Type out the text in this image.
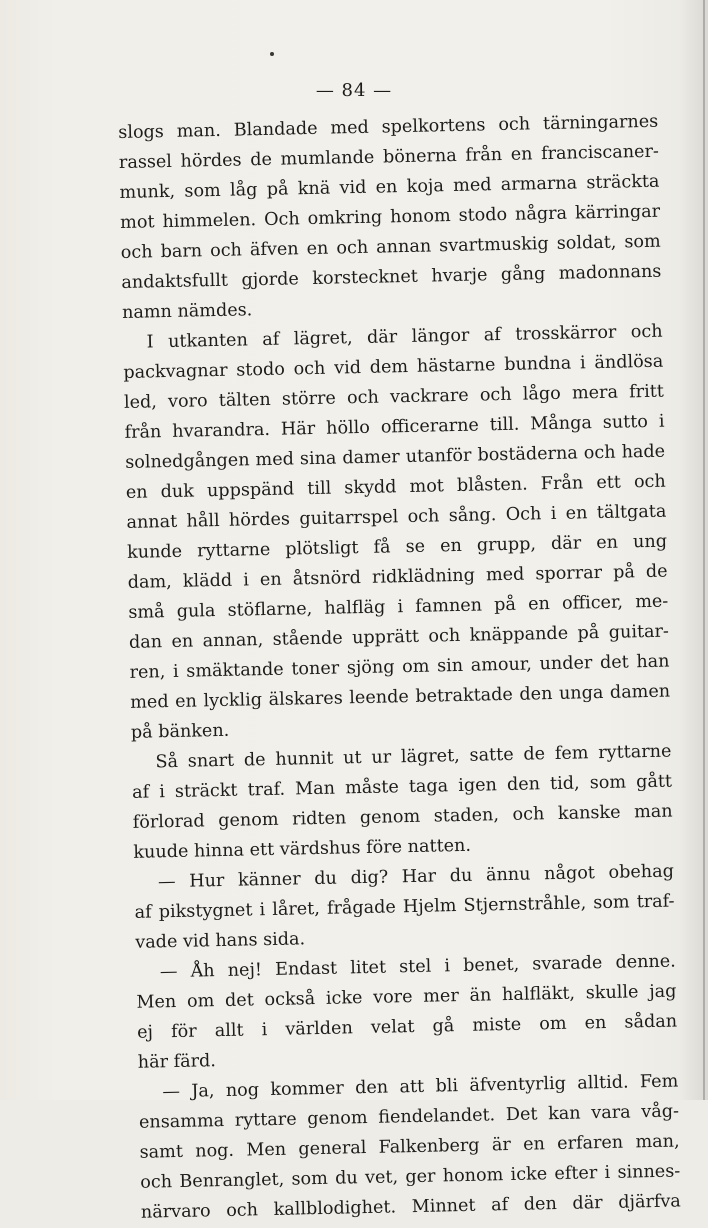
— 84 —
slogs man. Blandade med spelkortens och tärningarnes
rassel hördes de mumlande bönerna från en franciscaner-
munk, som låg på knä vid en koja med armarna sträckta
mot himmelen. Och omkring honom stodo några kärringar
och barn och äfven en och annan svartmuskig soldat, som
andaktsfullt gjorde korstecknet hvarje gång madonnans
namn nämdes.
I utkanten af lägret, där längor af trosskärror och
packvagnar stodo och vid dem hästarne bundna i ändlösa
led, voro tälten större och vackrare och lågo mera fritt
från hvarandra. Här höllo officerarne till. Många sutto i
solnedgången med sina damer utanför bostäderna och hade
en duk uppspänd till skydd mot blåsten. Från ett och
annat håll hördes guitarrspel och sång. Och i en tältgata
kunde ryttarne plötsligt få se en grupp, där en ung
dam, klädd i en åtsnörd ridklädning med sporrar på de
små gula stöflarne, halfläg i famnen på en officer, me-
dan en annan, stående upprätt och knäppande på guitar-
ren, i smäktande toner sjöng om sin amour, under det han
med en lycklig älskares leende betraktade den unga damen
på bänken.
Så snart de hunnit ut ur lägret, satte de fem ryttarne
af i sträckt traf. Man måste taga igen den tid, som gått
förlorad genom ridten genom staden, och kanske man
kuude hinna ett värdshus före natten.
— Hur känner du dig? Har du ännu något obehag
af pikstygnet i låret, frågade Hjelm Stjernstråhle, som traf-
vade vid hans sida.
— Åh nej! Endast litet stel i benet, svarade denne.
Men om det också icke vore mer än halfläkt, skulle jag
ej för allt i världen velat gå miste om en sådan
här färd.
— Ja, nog kommer den att bli äfventyrlig alltid. Fem
ensamma ryttare genom fiendelandet. Det kan vara våg-
samt nog. Men general Falkenberg är en erfaren man,
och Benranglet, som du vet, ger honom icke efter i sinnes-
närvaro och kallblodighet. Minnet af den där djärfva
